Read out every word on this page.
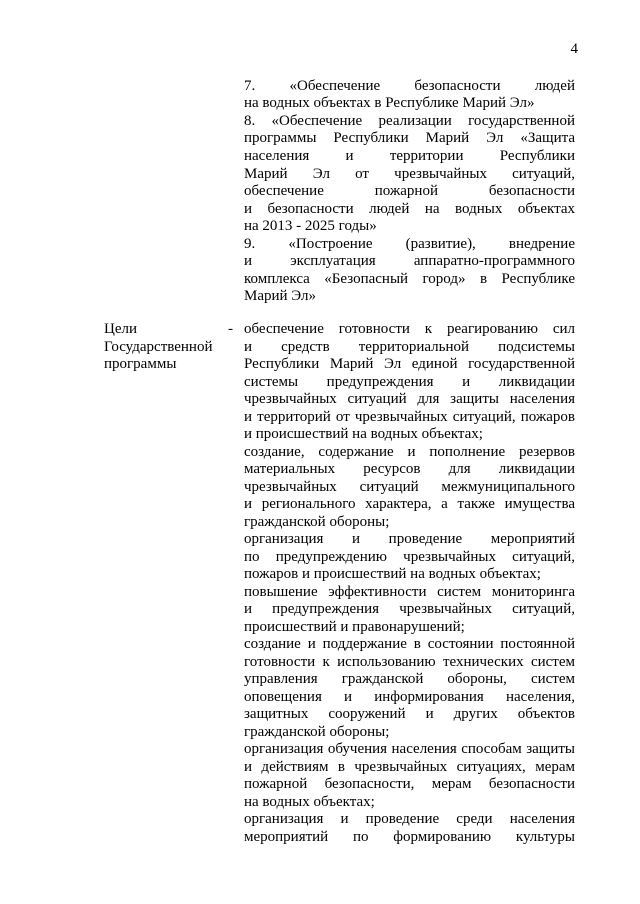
4
7. «Обеспечение безопасности людей
на водных объектах в Республике Марий Эл»
8. «Обеспечение реализации государственной
программы Республики Марий Эл «Защита
населения и территории Республики
Марий Эл от чрезвычайных ситуаций,
обеспечение пожарной безопасности
и безопасности людей на водных объектах
на 2013 - 2025 годы»
9. «Построение (развитие), внедрение
и эксплуатация аппаратно-программного
комплекса «Безопасный город» в Республике
Марий Эл»
Цели
Государственной
программы
- обеспечение готовности к реагированию сил
и средств территориальной подсистемы
Республики Марий Эл единой государственной
системы предупреждения и ликвидации
чрезвычайных ситуаций для защиты населения
и территорий от чрезвычайных ситуаций, пожаров
и происшествий на водных объектах;
создание, содержание и пополнение резервов
материальных ресурсов для ликвидации
чрезвычайных ситуаций межмуниципального
и регионального характера, а также имущества
гражданской обороны;
организация и проведение мероприятий
по предупреждению чрезвычайных ситуаций,
пожаров и происшествий на водных объектах;
повышение эффективности систем мониторинга
и предупреждения чрезвычайных ситуаций,
происшествий и правонарушений;
создание и поддержание в состоянии постоянной
готовности к использованию технических систем
управления гражданской обороны, систем
оповещения и информирования населения,
защитных сооружений и других объектов
гражданской обороны;
организация обучения населения способам защиты
и действиям в чрезвычайных ситуациях, мерам
пожарной безопасности, мерам безопасности
на водных объектах;
организация и проведение среди населения
мероприятий по формированию культуры
